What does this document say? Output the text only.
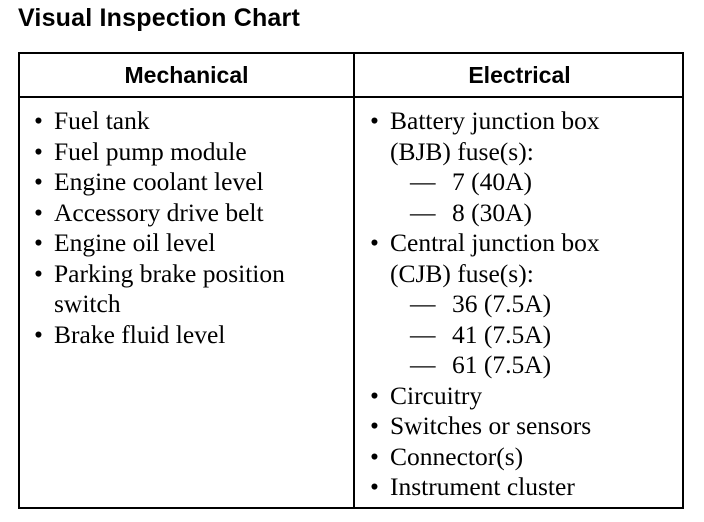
Visual Inspection Chart
Mechanical	Electrical
• Fuel tank
• Fuel pump module
• Engine coolant level
• Accessory drive belt
• Engine oil level
• Parking brake position
switch
• Brake fluid level
• Battery junction box
(BJB) fuse(s):
— 7 (40A)
— 8 (30A)
• Central junction box
(CJB) fuse(s):
— 36 (7.5A)
— 41 (7.5A)
— 61 (7.5A)
• Circuitry
• Switches or sensors
• Connector(s)
• Instrument cluster
